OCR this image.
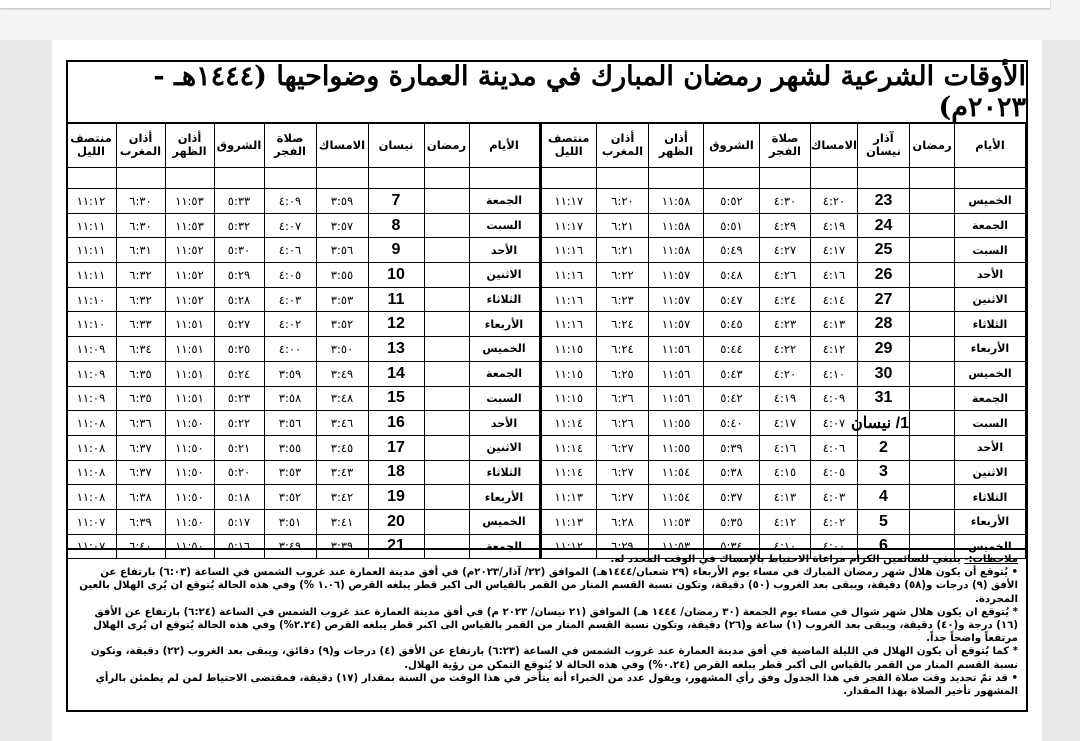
الأوقات الشرعية لشهر رمضان المبارك في مدينة العمارة وضواحيها (١٤٤٤هـ - ٢٠٢٣م)
الأيام	رمضان	آذار نيسان	الامساك	صلاة الفجر	الشروق	أذان الظهر	أذان المغرب	منتصف الليل

الخميس		23	٤:٢٠	٤:٣٠	٥:٥٢	١١:٥٨	٦:٢٠	١١:١٧
الجمعة		24	٤:١٩	٤:٢٩	٥:٥١	١١:٥٨	٦:٢١	١١:١٧
السبت		25	٤:١٧	٤:٢٧	٥:٤٩	١١:٥٨	٦:٢١	١١:١٦
الأحد		26	٤:١٦	٤:٢٦	٥:٤٨	١١:٥٧	٦:٢٢	١١:١٦
الاثنين		27	٤:١٤	٤:٢٤	٥:٤٧	١١:٥٧	٦:٢٣	١١:١٦
الثلاثاء		28	٤:١٣	٤:٢٣	٥:٤٥	١١:٥٧	٦:٢٤	١١:١٦
الأربعاء		29	٤:١٢	٤:٢٢	٥:٤٤	١١:٥٦	٦:٢٤	١١:١٥
الخميس		30	٤:١٠	٤:٢٠	٥:٤٣	١١:٥٦	٦:٢٥	١١:١٥
الجمعة		31	٤:٠٩	٤:١٩	٥:٤٢	١١:٥٦	٦:٢٦	١١:١٥
السبت		1/ نيسان	٤:٠٧	٤:١٧	٥:٤٠	١١:٥٥	٦:٢٦	١١:١٤
الأحد		2	٤:٠٦	٤:١٦	٥:٣٩	١١:٥٥	٦:٢٧	١١:١٤
الاثنين		3	٤:٠٥	٤:١٥	٥:٣٨	١١:٥٤	٦:٢٧	١١:١٤
الثلاثاء		4	٤:٠٣	٤:١٣	٥:٣٧	١١:٥٤	٦:٢٧	١١:١٣
الأربعاء		5	٤:٠٢	٤:١٢	٥:٣٥	١١:٥٣	٦:٢٨	١١:١٣
الخميس		6	٤:٠٠	٤:١٠	٥:٣٤	١١:٥٣	٦:٢٩	١١:١٢
الأيام	رمضان	نيسان	الامساك	صلاة الفجر	الشروق	أذان الظهر	أذان المغرب	منتصف الليل

الجمعة		7	٣:٥٩	٤:٠٩	٥:٣٣	١١:٥٣	٦:٣٠	١١:١٢
السبت		8	٣:٥٧	٤:٠٧	٥:٣٢	١١:٥٣	٦:٣٠	١١:١١
الأحد		9	٣:٥٦	٤:٠٦	٥:٣٠	١١:٥٢	٦:٣١	١١:١١
الاثنين		10	٣:٥٥	٤:٠٥	٥:٢٩	١١:٥٢	٦:٣٢	١١:١١
الثلاثاء		11	٣:٥٣	٤:٠٣	٥:٢٨	١١:٥٢	٦:٣٢	١١:١٠
الأربعاء		12	٣:٥٢	٤:٠٢	٥:٢٧	١١:٥١	٦:٣٣	١١:١٠
الخميس		13	٣:٥٠	٤:٠٠	٥:٢٥	١١:٥١	٦:٣٤	١١:٠٩
الجمعة		14	٣:٤٩	٣:٥٩	٥:٢٤	١١:٥١	٦:٣٥	١١:٠٩
السبت		15	٣:٤٨	٣:٥٨	٥:٢٣	١١:٥١	٦:٣٥	١١:٠٩
الأحد		16	٣:٤٦	٣:٥٦	٥:٢٢	١١:٥٠	٦:٣٦	١١:٠٨
الاثنين		17	٣:٤٥	٣:٥٥	٥:٢١	١١:٥٠	٦:٣٧	١١:٠٨
الثلاثاء		18	٣:٤٣	٣:٥٣	٥:٢٠	١١:٥٠	٦:٣٧	١١:٠٨
الأربعاء		19	٣:٤٢	٣:٥٢	٥:١٨	١١:٥٠	٦:٣٨	١١:٠٨
الخميس		20	٣:٤١	٣:٥١	٥:١٧	١١:٥٠	٦:٣٩	١١:٠٧
الجمعة		21	٣:٣٩	٣:٤٩	٥:١٦	١١:٥٠	٦:٤٠	١١:٠٧

ملاحظات:- ينبغي للصائمين الكرام مراعاة الاحتياط بالإمساك في الوقت المحدد له.

• يُتوقع أن يكون هلال شهر رمضان المبارك في مساء يوم الأربعاء (٢٩ شعبان/١٤٤٤هـ) الموافق (٢٢/ آذار/٢٠٢٣م) في أفق مدينة العمارة عند غروب الشمس في الساعة (٦:٠٣) بارتفاع عن الأفق (٩) درجات و(٥٨) دقيقة، ويبقى بعد الغروب (٥٠) دقيقة، وتكون نسبة القسم المنار من القمر بالقياس الى اكبر قطر يبلغه القرص (١.٠٦ %) وفي هذه الحالة يُتوقع ان يُرى الهلال بالعين المجردة.

* يُتوقع ان يكون هلال شهر شوال في مساء يوم الجمعة (٣٠ رمضان/ ١٤٤٤ هـ) الموافق (٢١ نيسان/ ٢٠٢٣ م) في أفق مدينة العمارة عند غروب الشمس في الساعة (٦:٢٤) بارتفاع عن الأفق (١٦) درجة و(٤٠) دقيقة، ويبقى بعد الغروب (١) ساعة و(٢٦) دقيقة، وتكون نسبة القسم المنار من القمر بالقياس الى اكبر قطر يبلغه القرص (٢.٢٤%) وفي هذه الحالة يُتوقع ان يُرى الهلال مرتفعاً واضحاً جداً.

* كما يُتوقع أن يكون الهلال في الليلة الماضية في أفق مدينة العمارة عند غروب الشمس في الساعة (٦:٢٣) بارتفاع عن الأفق (٤) درجات و(٩) دقائق، ويبقى بعد الغروب (٢٢) دقيقة، وتكون نسبة القسم المنار من القمر بالقياس الى أكبر قطر يبلغه القرص (٠.٢٤%) وفي هذه الحالة لا يُتوقع التمكن من رؤية الهلال.

• قد تمّ تحديد وقت صلاة الفجر في هذا الجدول وفق رأي المشهور، ويقول عدد من الخبراء أنه يتأخر في هذا الوقت من السنة بمقدار (١٧) دقيقة، فمقتضى الاحتياط لمن لم يطمئن بالرأي المشهور تأخير الصلاة بهذا المقدار.
